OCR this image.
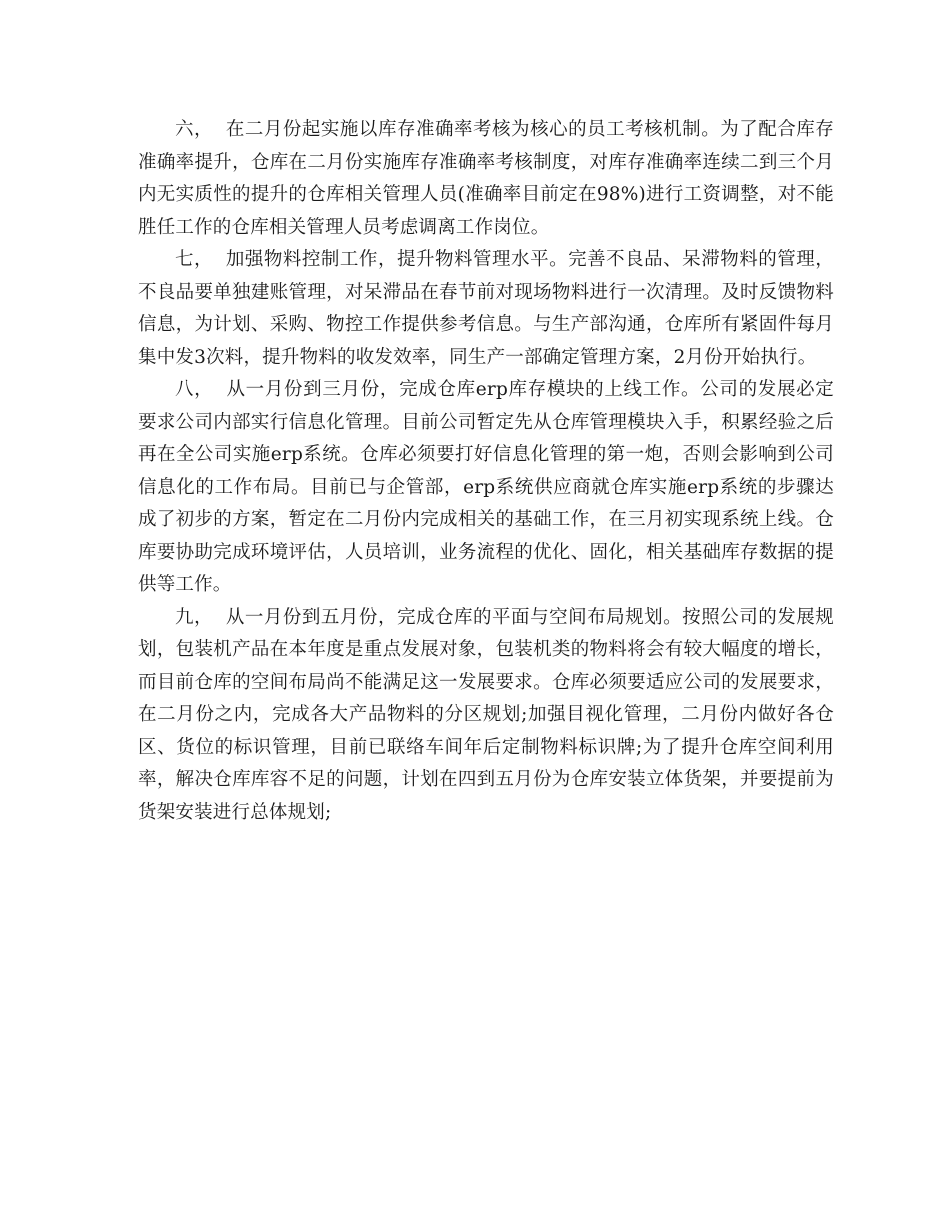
六， 在二月份起实施以库存准确率考核为核心的员工考核机制。为了配合库存准确率提升，仓库在二月份实施库存准确率考核制度，对库存准确率连续二到三个月内无实质性的提升的仓库相关管理人员(准确率目前定在98%)进行工资调整，对不能胜任工作的仓库相关管理人员考虑调离工作岗位。

七， 加强物料控制工作，提升物料管理水平。完善不良品、呆滞物料的管理，不良品要单独建账管理，对呆滞品在春节前对现场物料进行一次清理。及时反馈物料信息，为计划、采购、物控工作提供参考信息。与生产部沟通，仓库所有紧固件每月集中发3次料，提升物料的收发效率，同生产一部确定管理方案，2月份开始执行。

八， 从一月份到三月份，完成仓库erp库存模块的上线工作。公司的发展必定要求公司内部实行信息化管理。目前公司暂定先从仓库管理模块入手，积累经验之后再在全公司实施erp系统。仓库必须要打好信息化管理的第一炮，否则会影响到公司信息化的工作布局。目前已与企管部，erp系统供应商就仓库实施erp系统的步骤达成了初步的方案，暂定在二月份内完成相关的基础工作，在三月初实现系统上线。仓库要协助完成环境评估，人员培训，业务流程的优化、固化，相关基础库存数据的提供等工作。

九， 从一月份到五月份，完成仓库的平面与空间布局规划。按照公司的发展规划，包装机产品在本年度是重点发展对象，包装机类的物料将会有较大幅度的增长，而目前仓库的空间布局尚不能满足这一发展要求。仓库必须要适应公司的发展要求，在二月份之内，完成各大产品物料的分区规划;加强目视化管理，二月份内做好各仓区、货位的标识管理，目前已联络车间年后定制物料标识牌;为了提升仓库空间利用率，解决仓库库容不足的问题，计划在四到五月份为仓库安装立体货架，并要提前为货架安装进行总体规划;
